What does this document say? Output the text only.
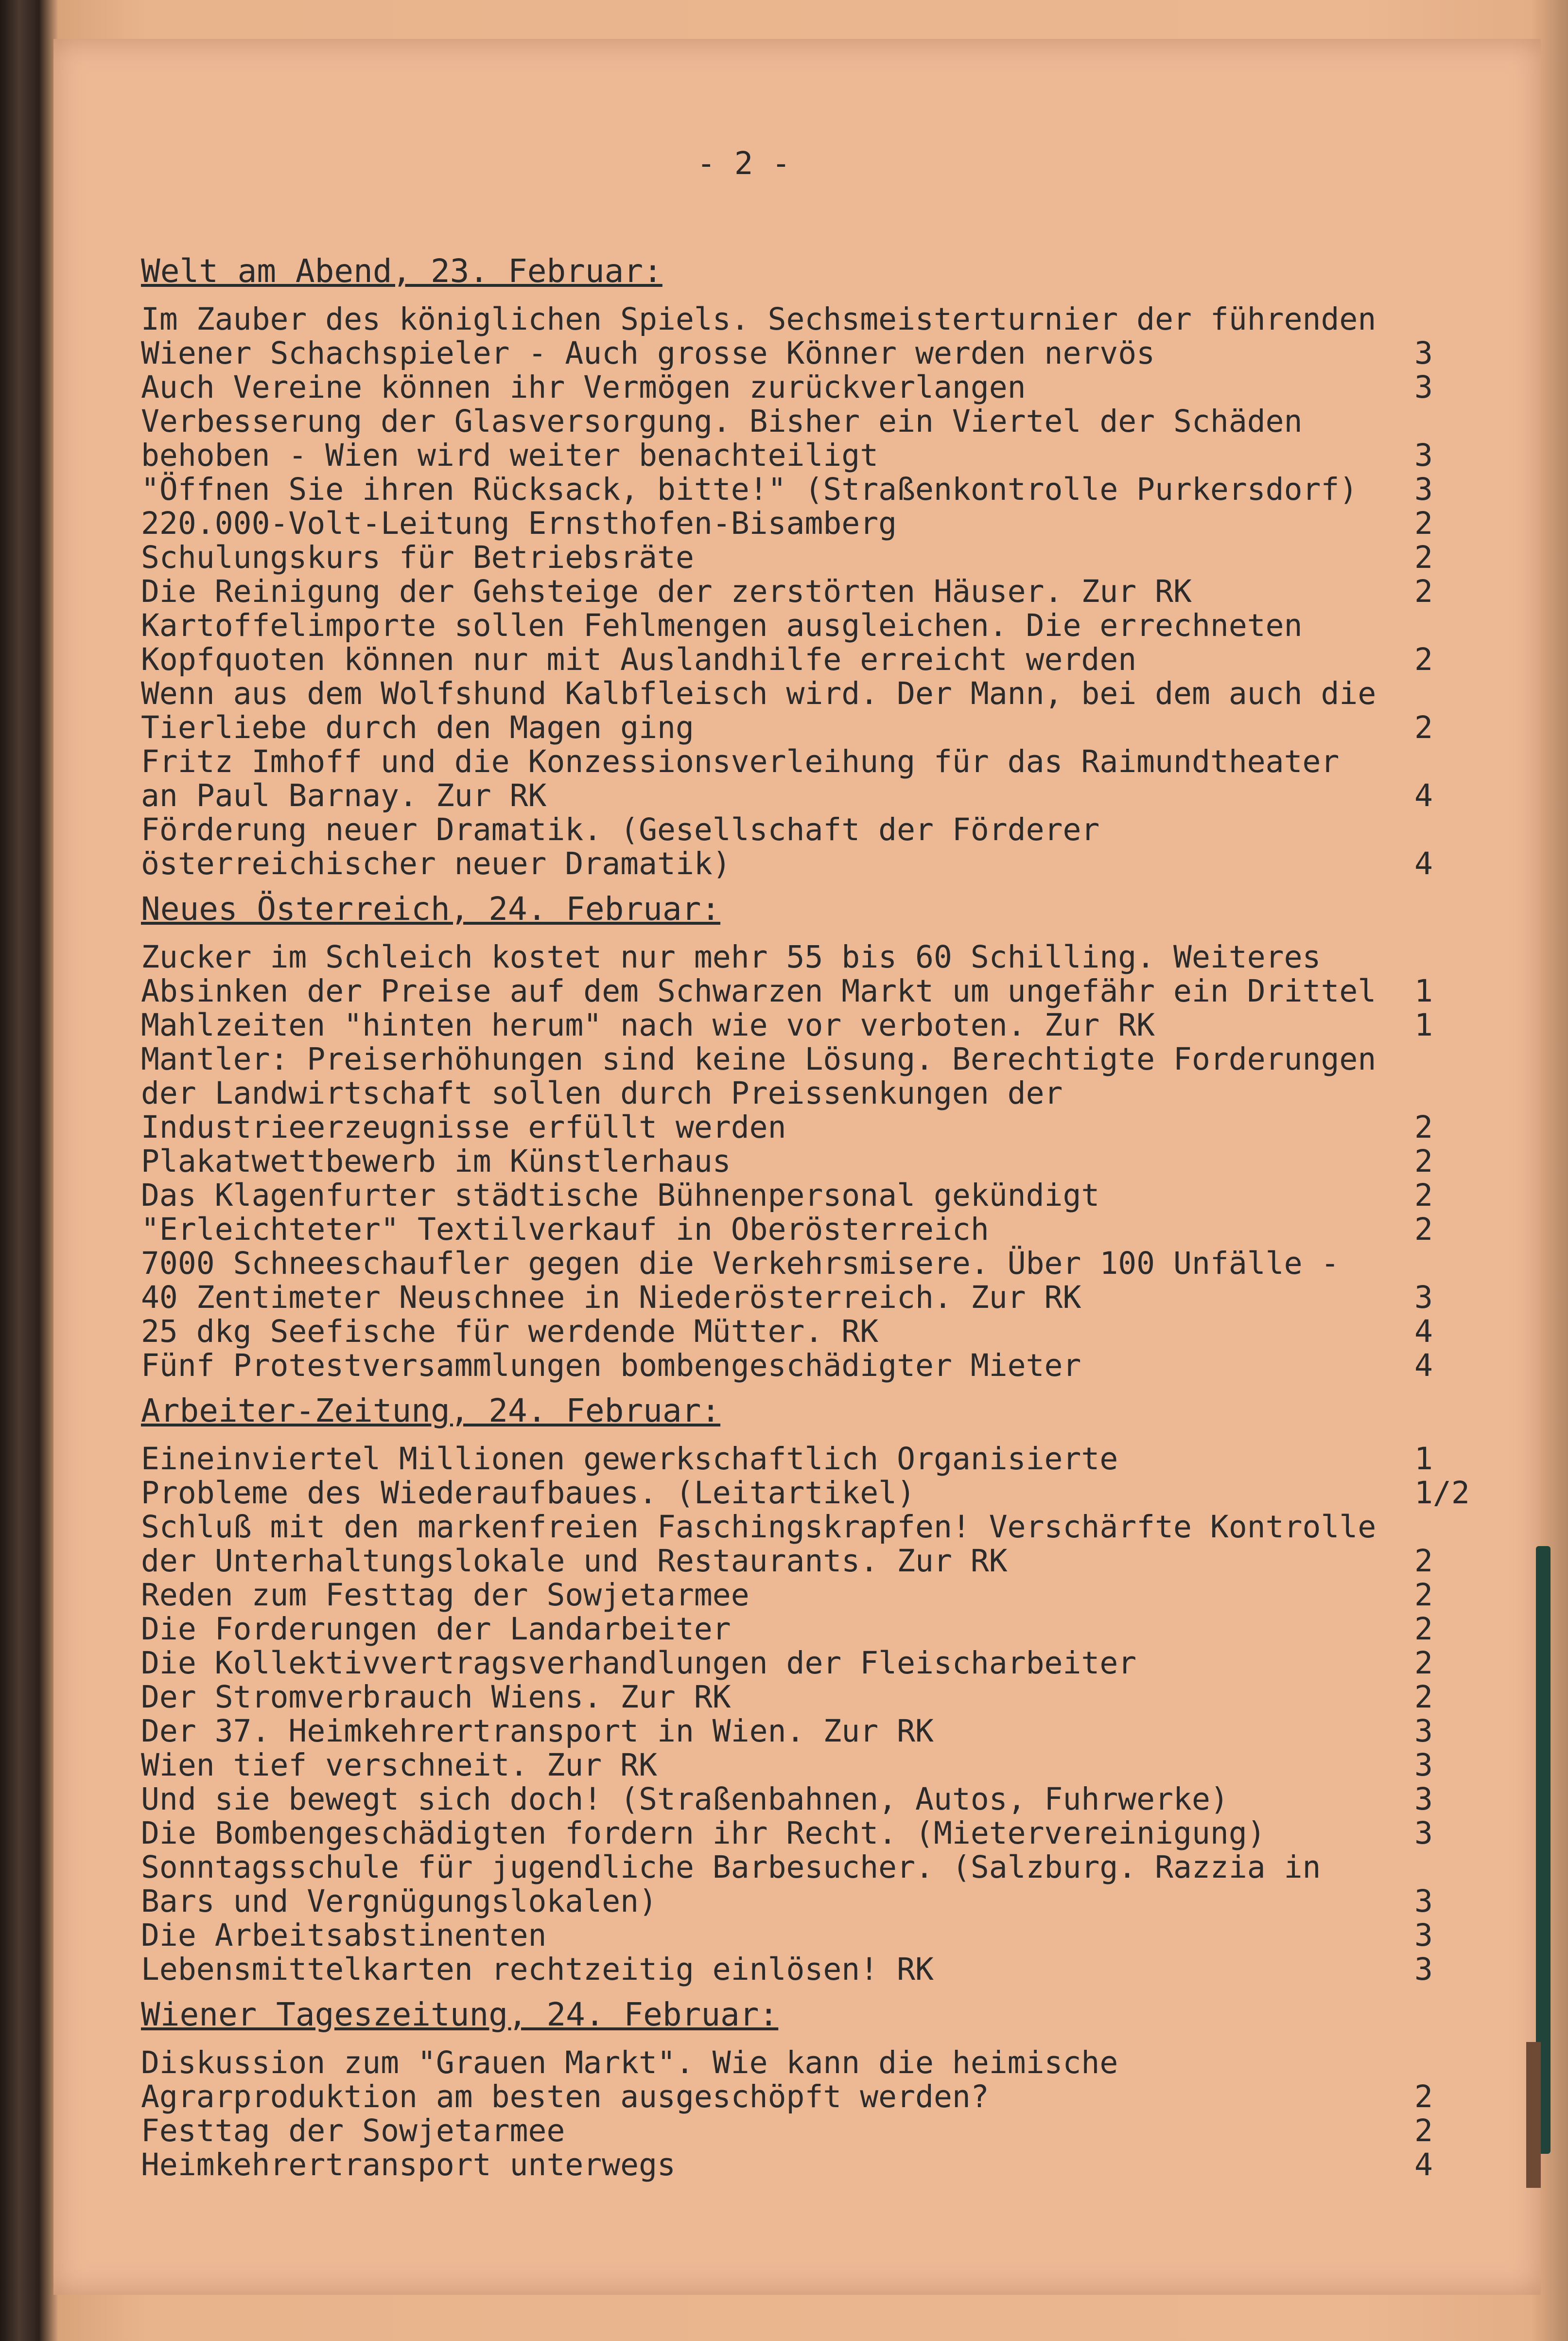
- 2 -
Welt am Abend, 23. Februar:
Im Zauber des königlichen Spiels. Sechsmeisterturnier der führenden Wiener Schachspieler - Auch grosse Könner werden nervös	3
Auch Vereine können ihr Vermögen zurückverlangen	3
Verbesserung der Glasversorgung. Bisher ein Viertel der Schäden behoben - Wien wird weiter benachteiligt	3
"Öffnen Sie ihren Rücksack, bitte!" (Straßenkontrolle Purkersdorf)	3
220.000-Volt-Leitung Ernsthofen-Bisamberg	2
Schulungskurs für Betriebsräte	2
Die Reinigung der Gehsteige der zerstörten Häuser. Zur RK	2
Kartoffelimporte sollen Fehlmengen ausgleichen. Die errechneten Kopfquoten können nur mit Auslandhilfe erreicht werden	2
Wenn aus dem Wolfshund Kalbfleisch wird. Der Mann, bei dem auch die Tierliebe durch den Magen ging	2
Fritz Imhoff und die Konzessionsverleihung für das Raimundtheater an Paul Barnay. Zur RK	4
Förderung neuer Dramatik. (Gesellschaft der Förderer österreichischer neuer Dramatik)	4
Neues Österreich, 24. Februar:
Zucker im Schleich kostet nur mehr 55 bis 60 Schilling. Weiteres Absinken der Preise auf dem Schwarzen Markt um ungefähr ein Drittel 1
Mahlzeiten "hinten herum" nach wie vor verboten. Zur RK	1
Mantler: Preiserhöhungen sind keine Lösung. Berechtigte Forderungen der Landwirtschaft sollen durch Preissenkungen der Industrieerzeugnisse erfüllt werden	2
Plakatwettbewerb im Künstlerhaus	2
Das Klagenfurter städtische Bühnenpersonal gekündigt	2
"Erleichteter" Textilverkauf in Oberösterreich	2
7000 Schneeschaufler gegen die Verkehrsmisere. Über 100 Unfälle - 40 Zentimeter Neuschnee in Niederösterreich. Zur RK	3
25 dkg Seefische für werdende Mütter. RK	4
Fünf Protestversammlungen bombengeschädigter Mieter	4
Arbeiter-Zeitung, 24. Februar:
Eineinviertel Millionen gewerkschaftlich Organisierte	1
Probleme des Wiederaufbaues. (Leitartikel)	1/2
Schluß mit den markenfreien Faschingskrapfen! Verschärfte Kontrolle der Unterhaltungslokale und Restaurants. Zur RK	2
Reden zum Festtag der Sowjetarmee	2
Die Forderungen der Landarbeiter	2
Die Kollektivvertragsverhandlungen der Fleischarbeiter	2
Der Stromverbrauch Wiens. Zur RK	2
Der 37. Heimkehrertransport in Wien. Zur RK	3
Wien tief verschneit. Zur RK	3
Und sie bewegt sich doch! (Straßenbahnen, Autos, Fuhrwerke)	3
Die Bombengeschädigten fordern ihr Recht. (Mietervereinigung)	3
Sonntagsschule für jugendliche Barbesucher. (Salzburg. Razzia in Bars und Vergnügungslokalen)	3
Die Arbeitsabstinenten	3
Lebensmittelkarten rechtzeitig einlösen! RK	3
Wiener Tageszeitung, 24. Februar:
Diskussion zum "Grauen Markt". Wie kann die heimische Agrarproduktion am besten ausgeschöpft werden?	2
Festtag der Sowjetarmee	2
Heimkehrertransport unterwegs	4
